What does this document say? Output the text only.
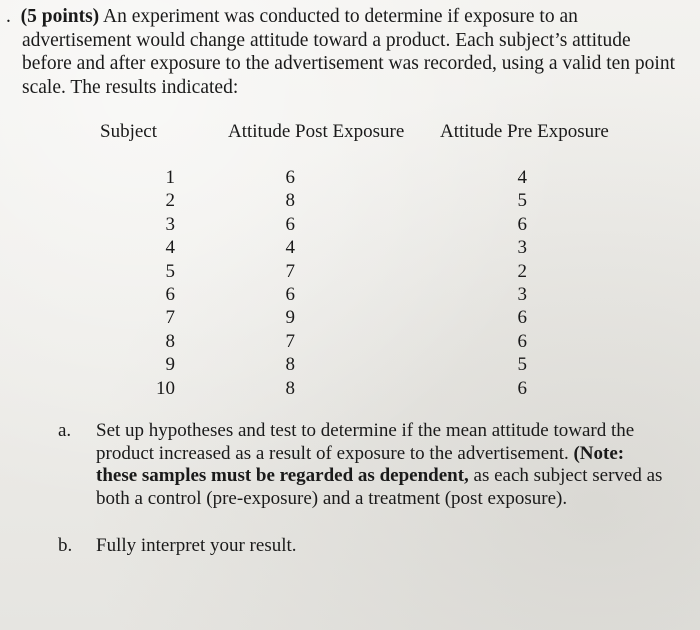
. (5 points) An experiment was conducted to determine if exposure to an
advertisement would change attitude toward a product. Each subject’s attitude
before and after exposure to the advertisement was recorded, using a valid ten point
scale. The results indicated:
Subject	Attitude Post Exposure Attitude Pre Exposure
1
2
3
4
5
6
7
8
9
10
6
8
6
4
7
6
9
7
8
8
4
5
6
3
2
3
6
6
5
6
a. Set up hypotheses and test to determine if the mean attitude toward the
product increased as a result of exposure to the advertisement. (Note:
these samples must be regarded as dependent, as each subject served as
both a control (pre-exposure) and a treatment (post exposure).
b. Fully interpret your result.
